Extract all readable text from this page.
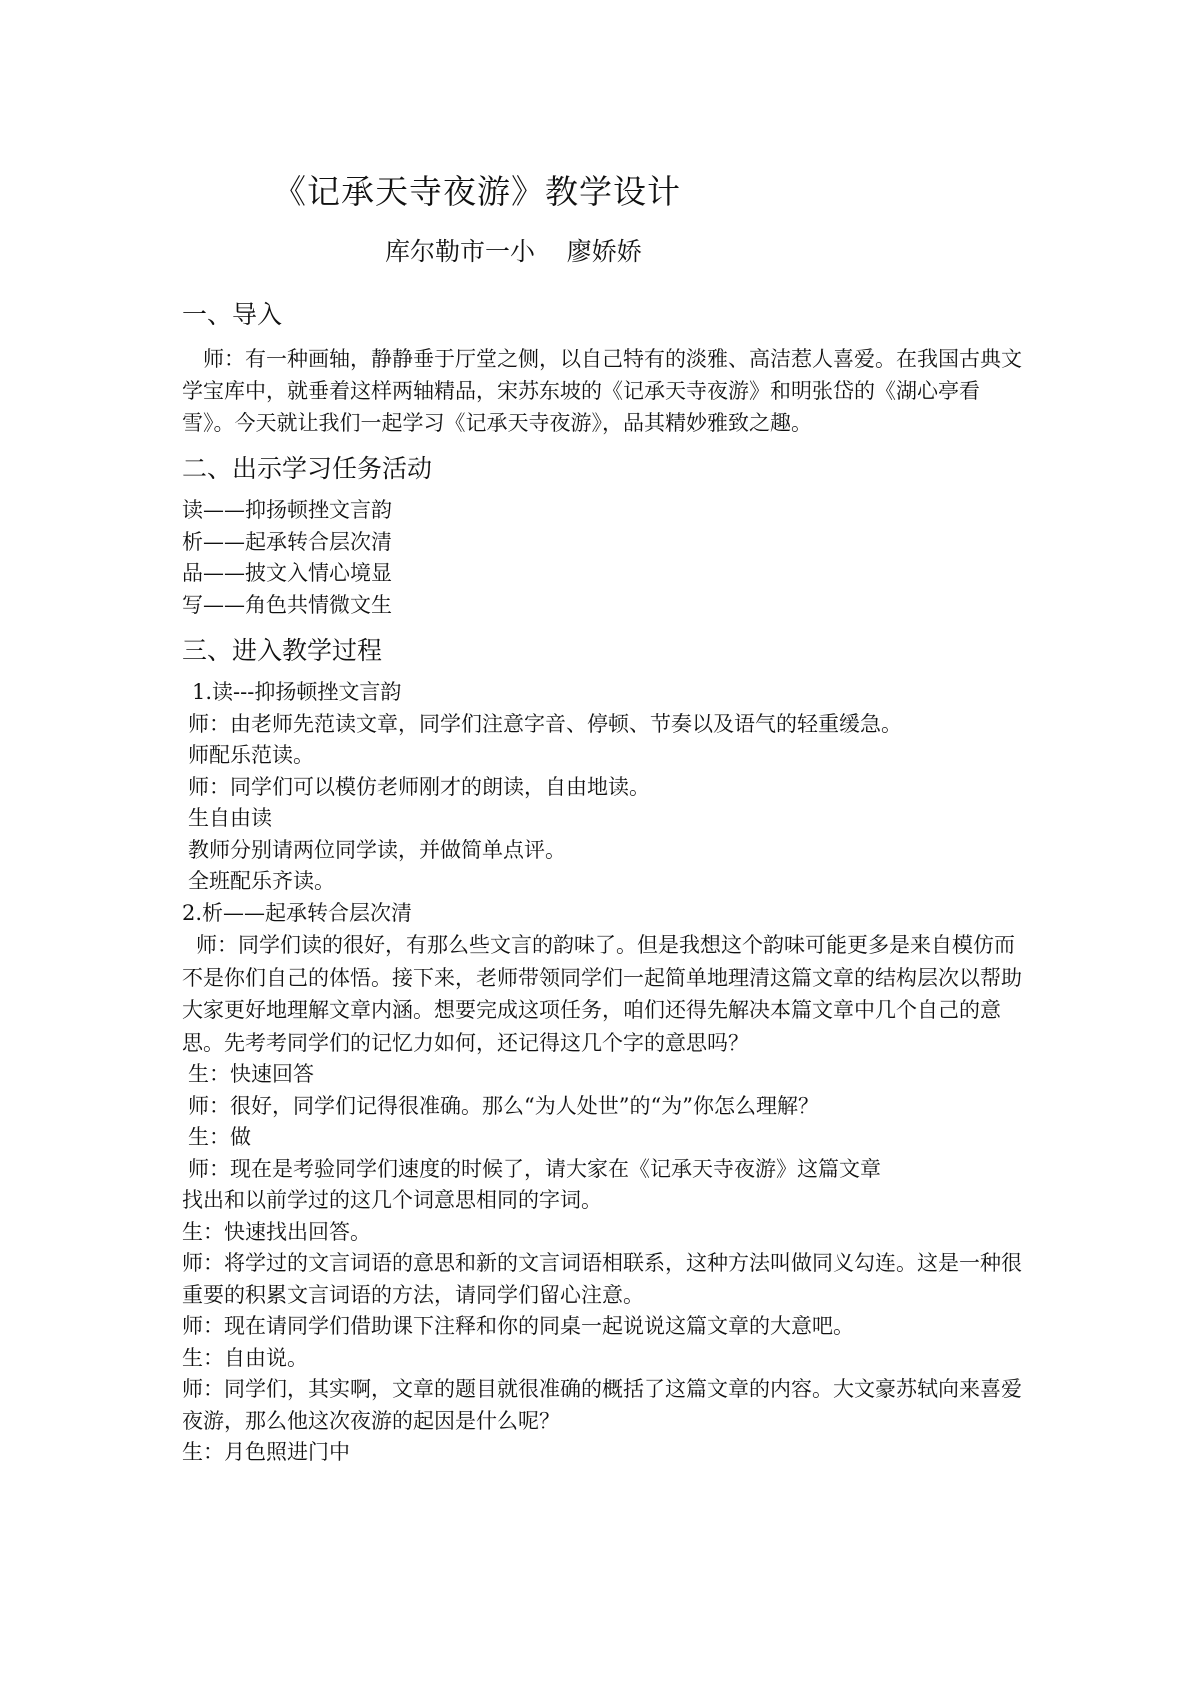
《记承天寺夜游》教学设计
库尔勒市一小    廖娇娇
一、导入
师：有一种画轴，静静垂于厅堂之侧，以自己特有的淡雅、高洁惹人喜爱。在我国古典文学宝库中，就垂着这样两轴精品，宋苏东坡的《记承天寺夜游》和明张岱的《湖心亭看雪》。今天就让我们一起学习《记承天寺夜游》，品其精妙雅致之趣。
二、出示学习任务活动
读——抑扬顿挫文言韵
析——起承转合层次清
品——披文入情心境显
写——角色共情微文生
三、进入教学过程
1.读---抑扬顿挫文言韵
师：由老师先范读文章，同学们注意字音、停顿、节奏以及语气的轻重缓急。
师配乐范读。
师：同学们可以模仿老师刚才的朗读，自由地读。
生自由读
教师分别请两位同学读，并做简单点评。
全班配乐齐读。
2.析——起承转合层次清
师：同学们读的很好，有那么些文言的韵味了。但是我想这个韵味可能更多是来自模仿而不是你们自己的体悟。接下来，老师带领同学们一起简单地理清这篇文章的结构层次以帮助大家更好地理解文章内涵。想要完成这项任务，咱们还得先解决本篇文章中几个自己的意思。先考考同学们的记忆力如何，还记得这几个字的意思吗？
生：快速回答
师：很好，同学们记得很准确。那么“为人处世”的“为”你怎么理解？
生：做
师：现在是考验同学们速度的时候了，请大家在《记承天寺夜游》这篇文章
找出和以前学过的这几个词意思相同的字词。
生：快速找出回答。
师：将学过的文言词语的意思和新的文言词语相联系，这种方法叫做同义勾连。这是一种很重要的积累文言词语的方法，请同学们留心注意。
师：现在请同学们借助课下注释和你的同桌一起说说这篇文章的大意吧。
生：自由说。
师：同学们，其实啊，文章的题目就很准确的概括了这篇文章的内容。大文豪苏轼向来喜爱夜游，那么他这次夜游的起因是什么呢？
生：月色照进门中
